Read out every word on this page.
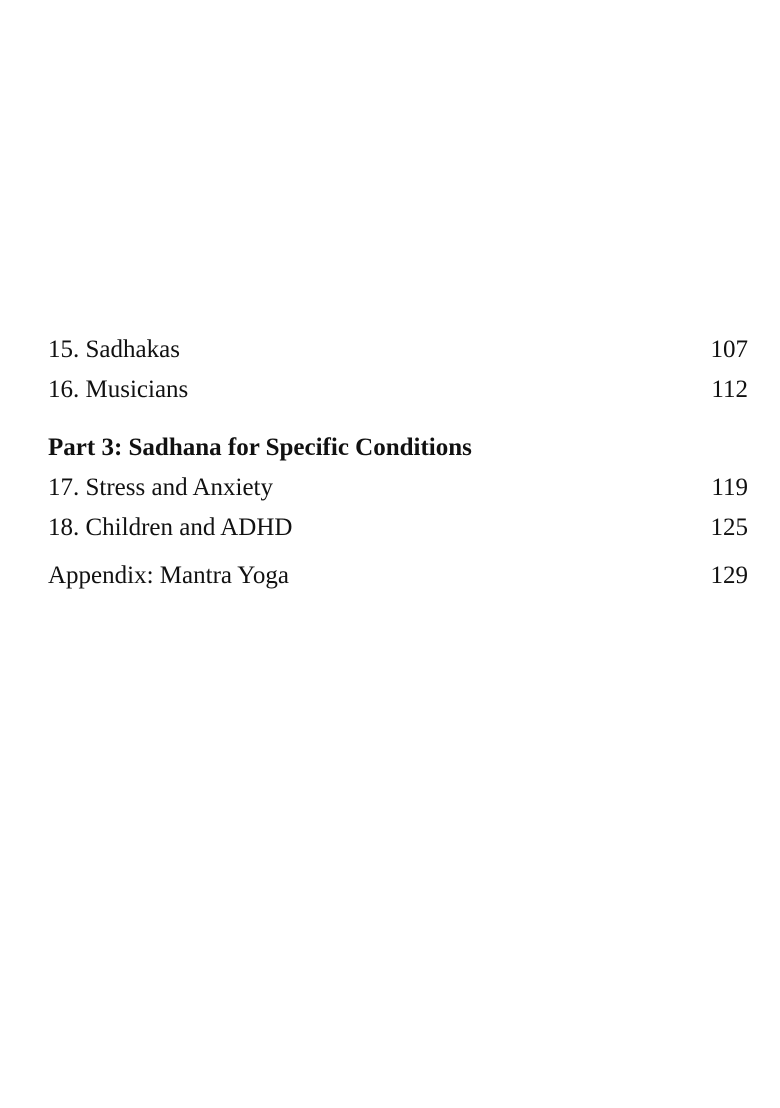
15. Sadhakas	107
16. Musicians	112
Part 3: Sadhana for Specific Conditions
17. Stress and Anxiety	119
18. Children and ADHD	125
Appendix: Mantra Yoga	129
